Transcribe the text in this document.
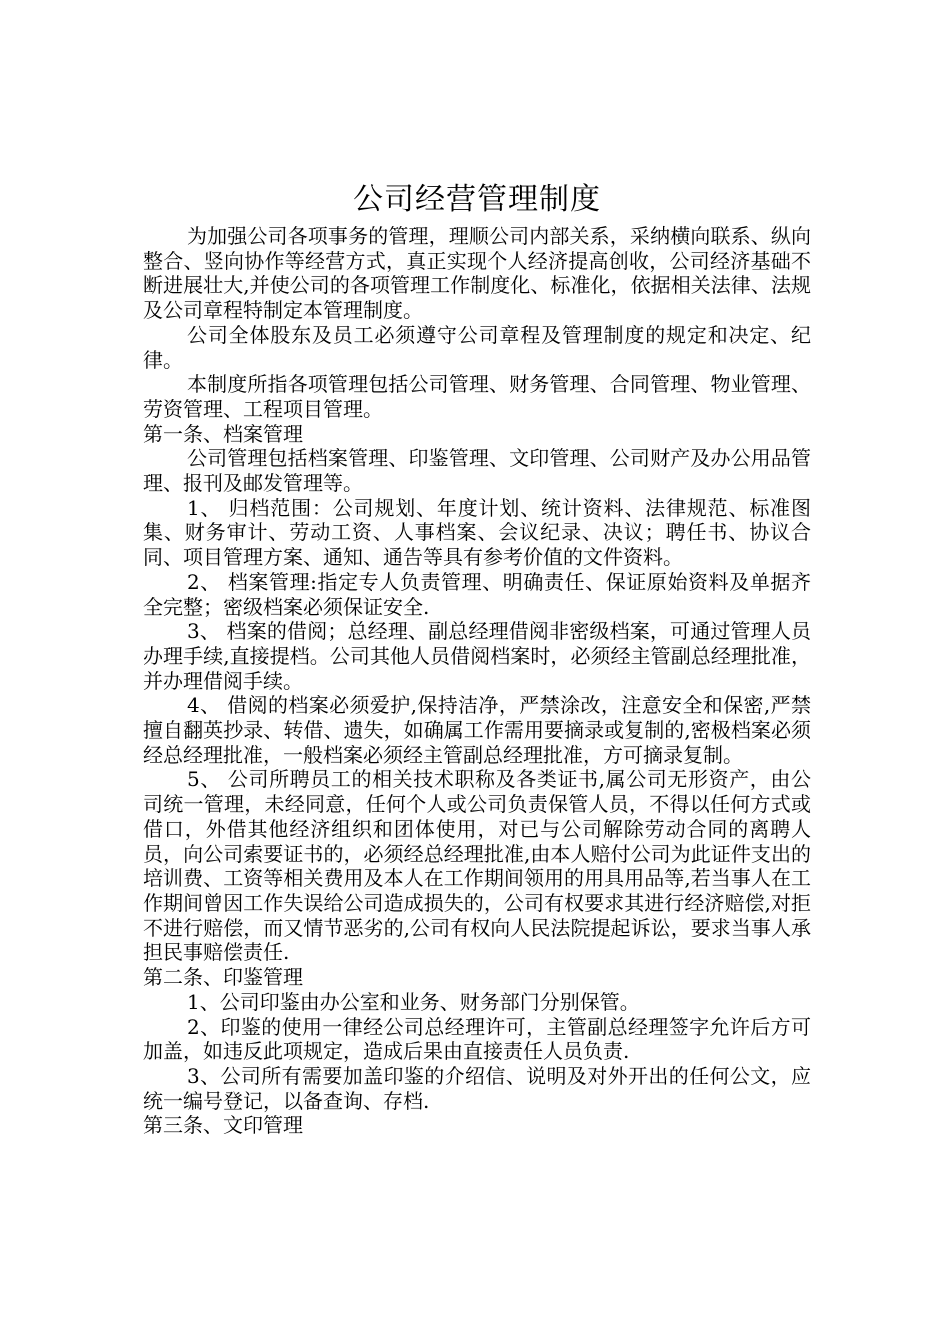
公司经营管理制度

为加强公司各项事务的管理，理顺公司内部关系，采纳横向联系、纵向整合、竖向协作等经营方式，真正实现个人经济提高创收，公司经济基础不断进展壮大,并使公司的各项管理工作制度化、标准化，依据相关法律、法规及公司章程特制定本管理制度。

公司全体股东及员工必须遵守公司章程及管理制度的规定和决定、纪律。

本制度所指各项管理包括公司管理、财务管理、合同管理、物业管理、劳资管理、工程项目管理。

第一条、档案管理

公司管理包括档案管理、印鉴管理、文印管理、公司财产及办公用品管理、报刊及邮发管理等。

1、 归档范围：公司规划、年度计划、统计资料、法律规范、标准图集、财务审计、劳动工资、人事档案、会议纪录、决议；聘任书、协议合同、项目管理方案、通知、通告等具有参考价值的文件资料。

2、 档案管理:指定专人负责管理、明确责任、保证原始资料及单据齐全完整；密级档案必须保证安全.

3、 档案的借阅；总经理、副总经理借阅非密级档案，可通过管理人员办理手续,直接提档。公司其他人员借阅档案时，必须经主管副总经理批准，并办理借阅手续。

4、 借阅的档案必须爱护,保持洁净，严禁涂改，注意安全和保密,严禁擅自翻英抄录、转借、遗失，如确属工作需用要摘录或复制的,密极档案必须经总经理批准，一般档案必须经主管副总经理批准，方可摘录复制。

5、 公司所聘员工的相关技术职称及各类证书,属公司无形资产，由公司统一管理，未经同意，任何个人或公司负责保管人员，不得以任何方式或借口，外借其他经济组织和团体使用，对已与公司解除劳动合同的离聘人员，向公司索要证书的，必须经总经理批准,由本人赔付公司为此证件支出的培训费、工资等相关费用及本人在工作期间领用的用具用品等,若当事人在工作期间曾因工作失误给公司造成损失的，公司有权要求其进行经济赔偿,对拒不进行赔偿，而又情节恶劣的,公司有权向人民法院提起诉讼，要求当事人承担民事赔偿责任.

第二条、印鉴管理

1、公司印鉴由办公室和业务、财务部门分别保管。

2、印鉴的使用一律经公司总经理许可，主管副总经理签字允许后方可加盖，如违反此项规定，造成后果由直接责任人员负责.

3、公司所有需要加盖印鉴的介绍信、说明及对外开出的任何公文，应统一编号登记，以备查询、存档.

第三条、文印管理
